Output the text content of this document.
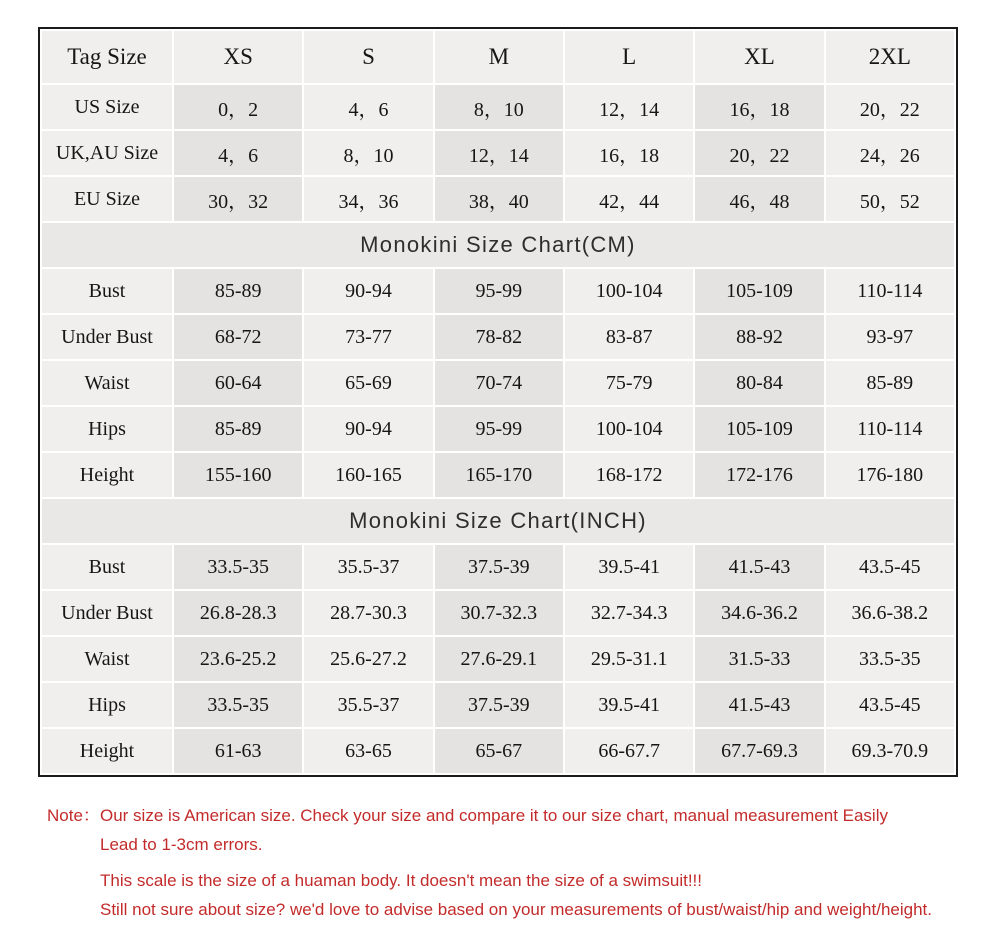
Tag Size	XS	S	M	L	XL	2XL
US Size	0，2	4，6	8，10	12，14	16，18	20，22
UK,AU Size	4，6	8，10	12，14	16，18	20，22	24，26
EU Size	30，32	34，36	38，40	42，44	46，48	50，52
Monokini Size Chart(CM)
Bust	85-89	90-94	95-99	100-104	105-109	110-114
Under Bust	68-72	73-77	78-82	83-87	88-92	93-97
Waist	60-64	65-69	70-74	75-79	80-84	85-89
Hips	85-89	90-94	95-99	100-104	105-109	110-114
Height	155-160	160-165	165-170	168-172	172-176	176-180
Monokini Size Chart(INCH)
Bust	33.5-35	35.5-37	37.5-39	39.5-41	41.5-43	43.5-45
Under Bust	26.8-28.3	28.7-30.3	30.7-32.3	32.7-34.3	34.6-36.2	36.6-38.2
Waist	23.6-25.2	25.6-27.2	27.6-29.1	29.5-31.1	31.5-33	33.5-35
Hips	33.5-35	35.5-37	37.5-39	39.5-41	41.5-43	43.5-45
Height	61-63	63-65	65-67	66-67.7	67.7-69.3	69.3-70.9
Note： Our size is American size. Check your size and compare it to our size chart, manual measurement Easily
Lead to 1-3cm errors.
This scale is the size of a huaman body. It doesn't mean the size of a swimsuit!!!
Still not sure about size? we'd love to advise based on your measurements of bust/waist/hip and weight/height.
